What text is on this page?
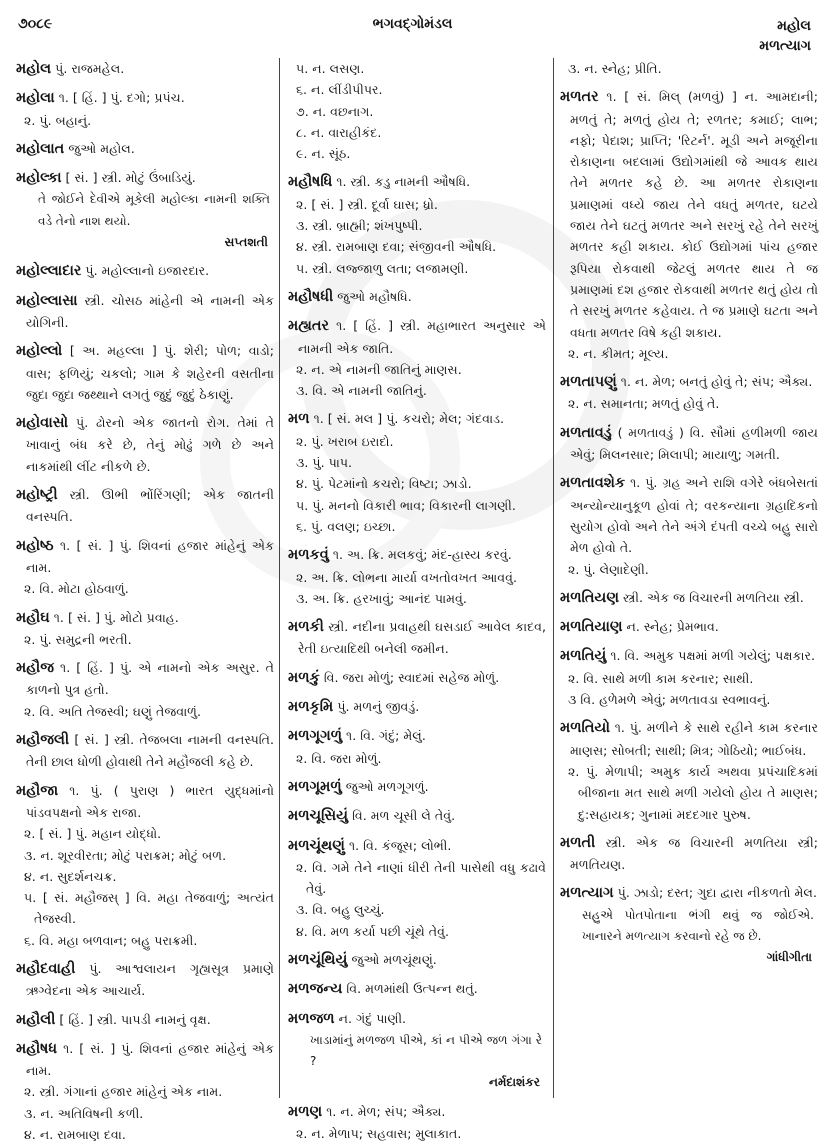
૭૦૮૯	ભગવદ્ગોમંડલ	મહોલ
મળત્યાગ
મહોલ પું. રાજમહેલ.
મહોલા ૧. [ હિં. ] પું. દગો; પ્રપંચ.
૨. પું. બહાનું.
મહોલાત જુઓ મહોલ.
મહોલ્કા [ સં. ] સ્ત્રી. મોટું ઉંબાડિયું.
તે જોઈને દેવીએ મૂકેલી મહોલ્કા નામની શક્તિ વડે તેનો નાશ થયો.
સપ્તશતી
મહોલ્લાદાર પું. મહોલ્લાનો ઇજારદાર.
મહોલ્લાસા સ્ત્રી. ચોસઠ માંહેની એ નામની એક યોગિની.
મહોલ્લો [ અ. મહલ્લા ] પું. શેરી; પોળ; વાડો; વાસ; ફળિયું; ચકલો; ગામ કે શહેરની વસતીના જુદા જુદા જથ્થાને લગતું જુદું જુદું ઠેકાણું.
મહોવાસો પું. ઢોરનો એક જાતનો રોગ. તેમાં તે ખાવાનું બંધ કરે છે, તેનું મોઢું ગળે છે અને નાકમાંથી લીંટ નીકળે છે.
મહોષ્ટ્રી સ્ત્રી. ઊભી ભોંરિંગણી; એક જાતની વનસ્પતિ.
મહોષ્ઠ ૧. [ સં. ] પું. શિવનાં હજાર માંહેનું એક નામ.
૨. વિ. મોટા હોઠવાળું.
મહૌઘ ૧. [ સં. ] પું. મોટો પ્રવાહ.
૨. પું. સમુદ્રની ભરતી.
મહૌજ ૧. [ હિં. ] પું. એ નામનો એક અસુર. તે કાળનો પુત્ર હતો.
૨. વિ. અતિ તેજસ્વી; ઘણું તેજવાળું.
મહૌજલી [ સં. ] સ્ત્રી. તેજબલા નામની વનસ્પતિ. તેની છાલ ધોળી હોવાથી તેને મહૌજલી કહે છે.
મહૌજા ૧. પું. ( પુરાણ ) ભારત યુદ્ધમાંનો પાંડવપક્ષનો એક રાજા.
૨. [ સં. ] પું. મહાન યોદ્ધો.
૩. ન. શૂરવીરતા; મોટું પરાક્રમ; મોટું બળ.
૪. ન. સુદર્શનચક્ર.
૫. [ સં. મહૌજસ્ ] વિ. મહા તેજવાળું; અત્યંત તેજસ્વી.
૬. વિ. મહા બળવાન; બહુ પરાક્રમી.
મહૌદવાહી પું. આશ્વલાયન ગૃહ્યસૂત્ર પ્રમાણે ઋગ્વેદના એક આચાર્ય.
મહૌલી [ હિં. ] સ્ત્રી. પાપડી નામનું વૃક્ષ.
મહૌષધ ૧. [ સં. ] પું. શિવનાં હજાર માંહેનું એક નામ.
૨. સ્ત્રી. ગંગાનાં હજાર માંહેનું એક નામ.
૩. ન. અતિવિષની કળી.
૪. ન. રામબાણ દવા.
૫. ન. લસણ.
૬. ન. લીંડીપીપર.
૭. ન. વછનાગ.
૮. ન. વારાહીકંદ.
૯. ન. સૂંઠ.
મહૌષધિ ૧. સ્ત્રી. કડુ નામની ઔષધિ.
૨. [ સં. ] સ્ત્રી. દૂર્વા ઘાસ; ધ્રો.
૩. સ્ત્રી. બ્રાહ્મી; શંખપુષ્પી.
૪. સ્ત્રી. રામબાણ દવા; સંજીવની ઔષધિ.
૫. સ્ત્રી. લજ્જાળુ લતા; લજામણી.
મહૌષધી જુઓ મહૌષધિ.
મહ્યતર ૧. [ હિં. ] સ્ત્રી. મહાભારત અનુસાર એ નામની એક જાતિ.
૨. ન. એ નામની જાતિનું માણસ.
૩. વિ. એ નામની જાતિનું.
મળ ૧. [ સં. મલ ] પું. કચરો; મેલ; ગંદવાડ.
૨. પું. ખરાબ ઇરાદો.
૩. પું. પાપ.
૪. પું. પેટમાંનો કચરો; વિષ્ટા; ઝાડો.
૫. પું. મનનો વિકારી ભાવ; વિકારની લાગણી.
૬. પું. વલણ; ઇચ્છા.
મળકવું ૧. અ. ક્રિ. મલકવું; મંદ-હાસ્ય કરવું.
૨. અ. ક્રિ. લોભના માર્યા વખતોવખત આવવું.
૩. અ. ક્રિ. હરખાવું; આનંદ પામવું.
મળકી સ્ત્રી. નદીના પ્રવાહથી ઘસડાઈ આવેલ કાદવ, રેતી ઇત્યાદિથી બનેલી જમીન.
મળકું વિ. જરા મોળું; સ્વાદમાં સહેજ મોળું.
મળકૃમિ પું. મળનું જીવડું.
મળગૂગળું ૧. વિ. ગંદું; મેલું.
૨. વિ. જરા મોળું.
મળગૂમળું જુઓ મળગૂગળું.
મળચૂસિયું વિ. મળ ચૂસી લે તેવું.
મળચૂંથણું ૧. વિ. કંજૂસ; લોભી.
૨. વિ. ગમે તેને નાણાં ધીરી તેની પાસેથી વધુ કઢાવે તેવું.
૩. વિ. બહુ લુચ્ચું.
૪. વિ. મળ કર્યા પછી ચૂંથે તેવું.
મળચૂંથિયું જુઓ મળચૂંથણું.
મળજન્ય વિ. મળમાંથી ઉત્પન્ન થતું.
મળજળ ન. ગંદું પાણી.
ખાડામાંનું મળજળ પીએ, કાં ન પીએ જળ ગંગા રે ?
નર્મદાશંકર
મળણ ૧. ન. મેળ; સંપ; ઐક્ય.
૨. ન. મેળાપ; સહવાસ; મુલાકાત.
૩. ન. સ્નેહ; પ્રીતિ.
મળતર ૧. [ સં. મિલ્ (મળવું) ] ન. આમદાની; મળતું તે; મળતું હોય તે; રળતર; કમાઈ; લાભ; નફો; પેદાશ; પ્રાપ્તિ; 'રિટર્ન'. મૂડી અને મજૂરીના રોકાણના બદલામાં ઉદ્યોગમાંથી જે આવક થાય તેને મળતર કહે છે. આ મળતર રોકાણના પ્રમાણમાં વધ્યે જાય તેને વધતું મળતર, ઘટયે જાય તેને ઘટતું મળતર અને સરખું રહે તેને સરખું મળતર કહી શકાય. કોઈ ઉદ્યોગમાં પાંચ હજાર રૂપિયા રોકવાથી જેટલું મળતર થાય તે જ પ્રમાણમાં દશ હજાર રોકવાથી મળતર થતું હોય તો તે સરખું મળતર કહેવાય. તે જ પ્રમાણે ઘટતા અને વધતા મળતર વિષે કહી શકાય.
૨. ન. કીમત; મૂલ્ય.
મળતાપણું ૧. ન. મેળ; બનતું હોવું તે; સંપ; ઐક્ય.
૨. ન. સમાનતા; મળતું હોવું તે.
મળતાવડું ( મળતાવડું ) વિ. સૌમાં હળીમળી જાય એવું; મિલનસાર; મિલાપી; માયાળુ; ગમતી.
મળતાવશેક ૧. પું. ગ્રહ અને રાશિ વગેરે બંધબેસતાં અન્યોન્યાનુકૂળ હોવાં તે; વરકન્યાના ગ્રહાદિકનો સુયોગ હોવો અને તેને અંગે દંપતી વચ્ચે બહુ સારો મેળ હોવો તે.
૨. પું. લેણાદેણી.
મળતિયણ સ્ત્રી. એક જ વિચારની મળતિયા સ્ત્રી.
મળતિયાણ ન. સ્નેહ; પ્રેમભાવ.
મળતિયું ૧. વિ. અમુક પક્ષમાં મળી ગયેલું; પક્ષકાર.
૨. વિ. સાથે મળી કામ કરનાર; સાથી.
૩ વિ. હળેમળે એવું; મળતાવડા સ્વભાવનું.
મળતિયો ૧. પું. મળીને કે સાથે રહીને કામ કરનાર માણસ; સોબતી; સાથી; મિત્ર; ગોઠિયો; ભાઈબંધ.
૨. પું. મેળાપી; અમુક કાર્ય અથવા પ્રપંચાદિકમાં બીજાના મત સાથે મળી ગયેલો હોય તે માણસ; દુ:સહાયક; ગુનામાં મદદગાર પુરુષ.
મળતી સ્ત્રી. એક જ વિચારની મળતિયા સ્ત્રી; મળતિયણ.
મળત્યાગ પું. ઝાડો; દસ્ત; ગુદા દ્વારા નીકળતો મેલ.
સહુએ પોતપોતાના ભંગી થવું જ જોઈએ. ખાનારને મળત્યાગ કરવાનો રહે જ છે.
ગાંધીગીતા
